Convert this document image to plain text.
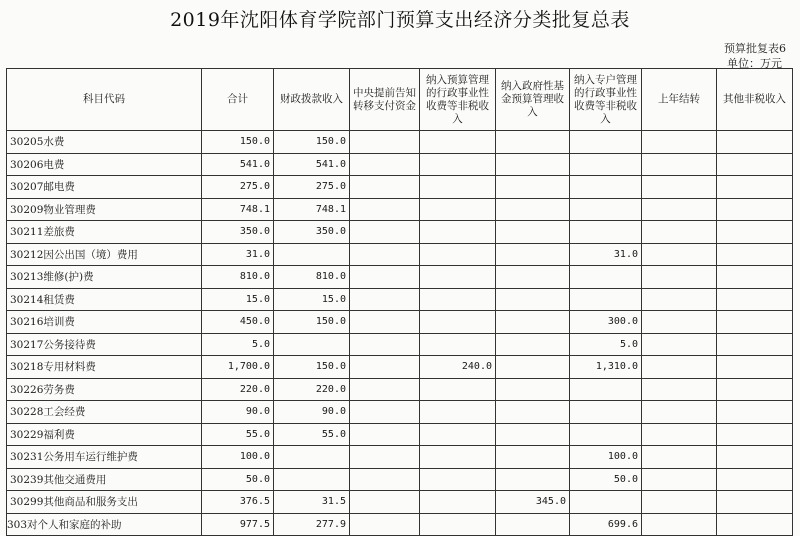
2019年沈阳体育学院部门预算支出经济分类批复总表
预算批复表6
单位：万元
科目代码	合计	财政拨款收入	中央提前告知转移支付资金	纳入预算管理的行政事业性收费等非税收入	纳入政府性基金预算管理收入	纳入专户管理的行政事业性收费等非税收入	上年结转	其他非税收入
30205水费	150.0	150.0						
30206电费	541.0	541.0						
30207邮电费	275.0	275.0						
30209物业管理费	748.1	748.1						
30211差旅费	350.0	350.0						
30212因公出国（境）费用	31.0					31.0		
30213维修(护)费	810.0	810.0						
30214租赁费	15.0	15.0						
30216培训费	450.0	150.0				300.0		
30217公务接待费	5.0					5.0		
30218专用材料费	1,700.0	150.0		240.0		1,310.0		
30226劳务费	220.0	220.0						
30228工会经费	90.0	90.0						
30229福利费	55.0	55.0						
30231公务用车运行维护费	100.0					100.0		
30239其他交通费用	50.0					50.0		
30299其他商品和服务支出	376.5	31.5			345.0			
303对个人和家庭的补助	977.5	277.9				699.6		
